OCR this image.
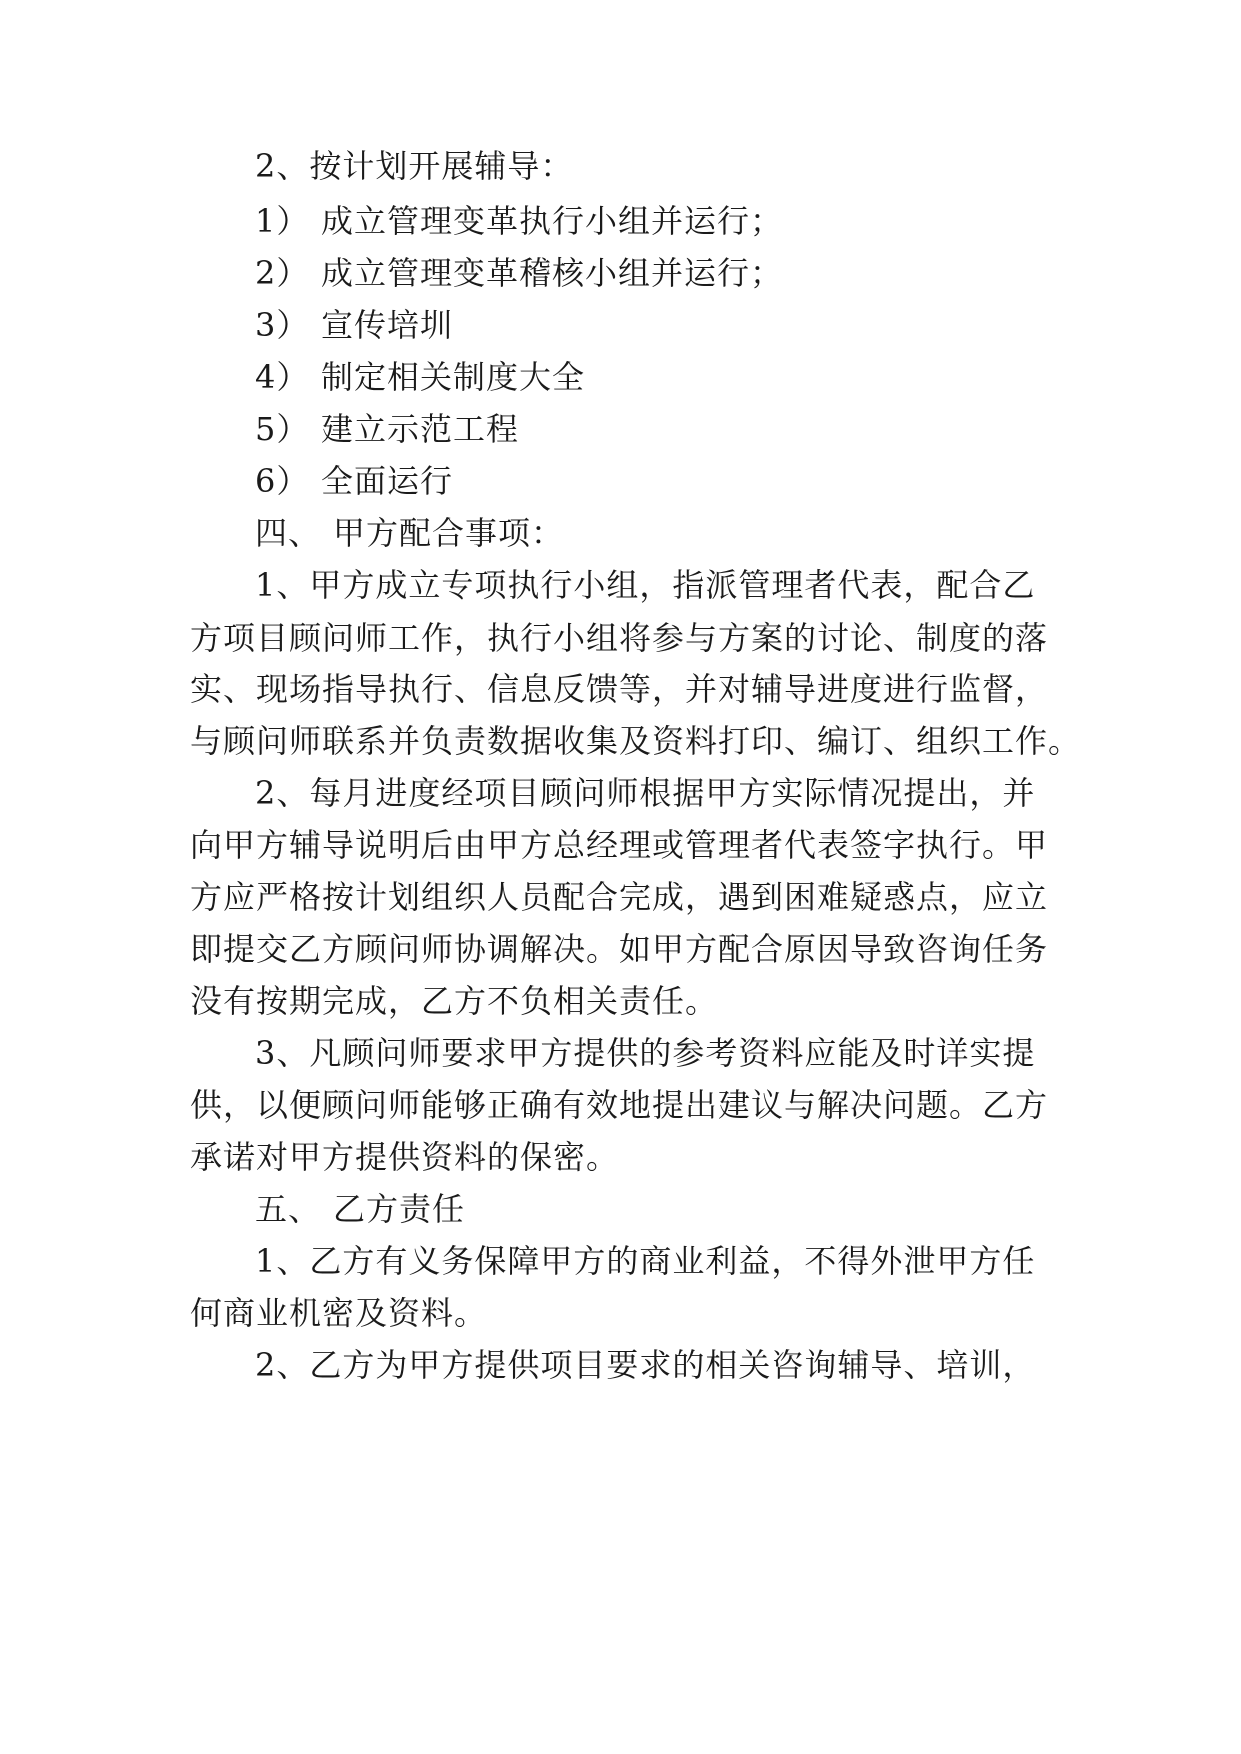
2、按计划开展辅导：
1） 成立管理变革执行小组并运行；
2） 成立管理变革稽核小组并运行；
3） 宣传培圳
4） 制定相关制度大全
5） 建立示范工程
6） 全面运行
四、 甲方配合事项：
1、甲方成立专项执行小组，指派管理者代表，配合乙
方项目顾问师工作，执行小组将参与方案的讨论、制度的落
实、现场指导执行、信息反馈等，并对辅导进度进行监督，
与顾问师联系并负责数据收集及资料打印、编订、组织工作。
2、每月进度经项目顾问师根据甲方实际情况提出，并
向甲方辅导说明后由甲方总经理或管理者代表签字执行。甲
方应严格按计划组织人员配合完成，遇到困难疑惑点，应立
即提交乙方顾问师协调解决。如甲方配合原因导致咨询任务
没有按期完成，乙方不负相关责任。
3、凡顾问师要求甲方提供的参考资料应能及时详实提
供，以便顾问师能够正确有效地提出建议与解决问题。乙方
承诺对甲方提供资料的保密。
五、 乙方责任
1、乙方有义务保障甲方的商业利益，不得外泄甲方任
何商业机密及资料。
2、乙方为甲方提供项目要求的相关咨询辅导、培训，
